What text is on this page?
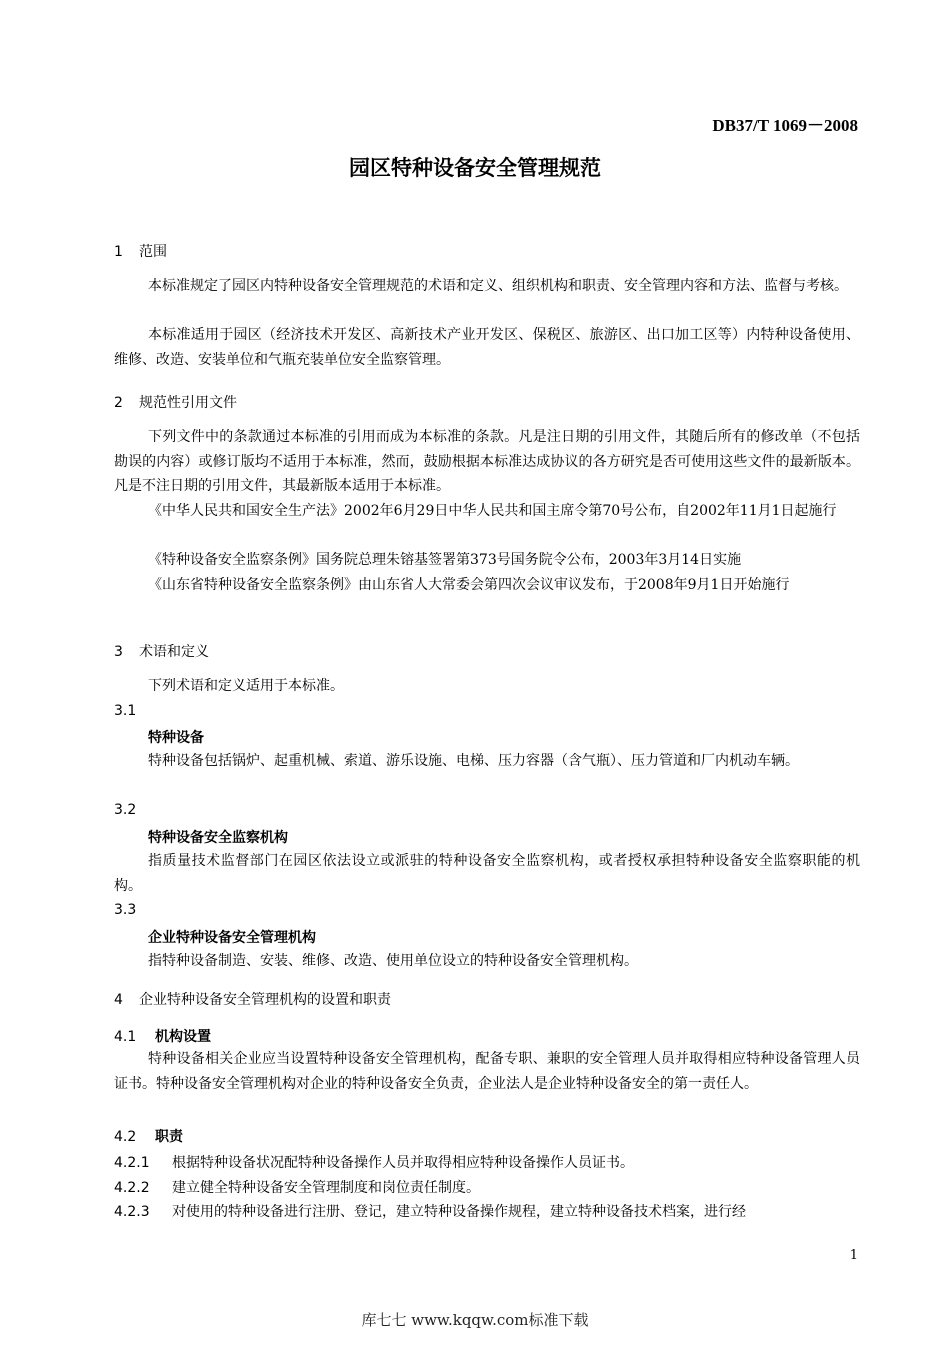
DB37/T 1069－2008
园区特种设备安全管理规范
1 范围

本标准规定了园区内特种设备安全管理规范的术语和定义、组织机构和职责、安全管理内容和方法、监督与考核。

本标准适用于园区（经济技术开发区、高新技术产业开发区、保税区、旅游区、出口加工区等）内特种设备使用、维修、改造、安装单位和气瓶充装单位安全监察管理。

2 规范性引用文件

下列文件中的条款通过本标准的引用而成为本标准的条款。凡是注日期的引用文件，其随后所有的修改单（不包括勘误的内容）或修订版均不适用于本标准，然而，鼓励根据本标准达成协议的各方研究是否可使用这些文件的最新版本。凡是不注日期的引用文件，其最新版本适用于本标准。

《中华人民共和国安全生产法》2002年6月29日中华人民共和国主席令第70号公布，自2002年11月1日起施行

《特种设备安全监察条例》国务院总理朱镕基签署第373号国务院令公布，2003年3月14日实施

《山东省特种设备安全监察条例》由山东省人大常委会第四次会议审议发布，于2008年9月1日开始施行

3 术语和定义

下列术语和定义适用于本标准。

3.1
特种设备

特种设备包括锅炉、起重机械、索道、游乐设施、电梯、压力容器（含气瓶）、压力管道和厂内机动车辆。

3.2
特种设备安全监察机构

指质量技术监督部门在园区依法设立或派驻的特种设备安全监察机构，或者授权承担特种设备安全监察职能的机构。

3.3
企业特种设备安全管理机构

指特种设备制造、安装、维修、改造、使用单位设立的特种设备安全管理机构。

4 企业特种设备安全管理机构的设置和职责
4.1 机构设置

特种设备相关企业应当设置特种设备安全管理机构，配备专职、兼职的安全管理人员并取得相应特种设备管理人员证书。特种设备安全管理机构对企业的特种设备安全负责，企业法人是企业特种设备安全的第一责任人。

4.2 职责
4.2.1 根据特种设备状况配特种设备操作人员并取得相应特种设备操作人员证书。
4.2.2 建立健全特种设备安全管理制度和岗位责任制度。
4.2.3 对使用的特种设备进行注册、登记，建立特种设备操作规程，建立特种设备技术档案，进行经
1
库七七 www.kqqw.com标准下载
